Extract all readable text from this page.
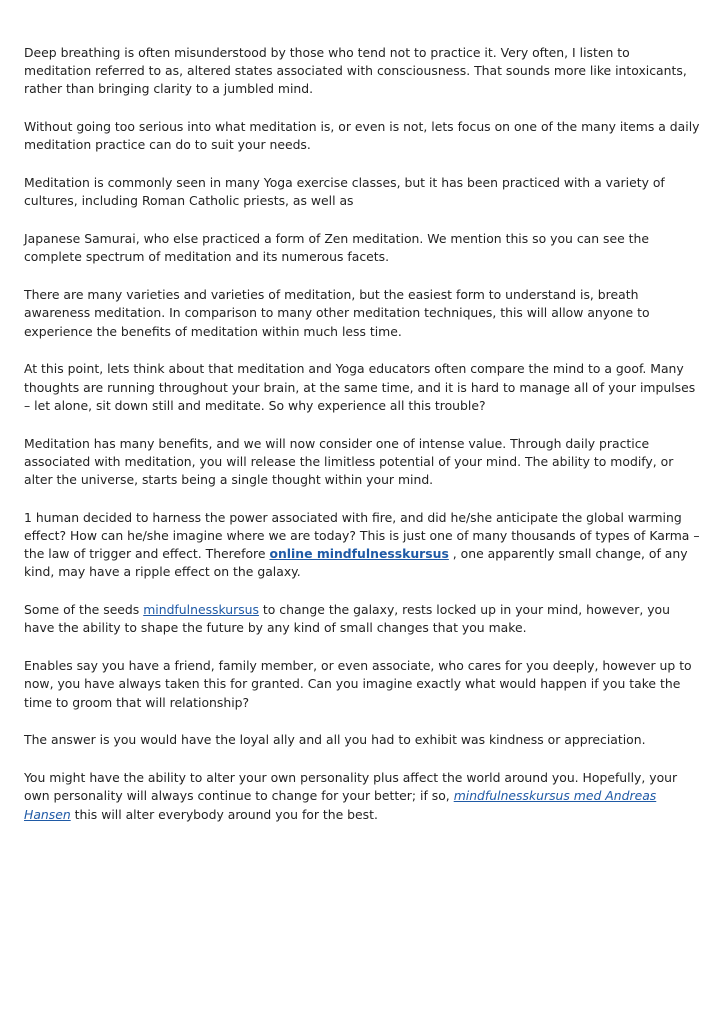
Deep breathing is often misunderstood by those who tend not to practice it. Very often, I listen to meditation referred to as, altered states associated with consciousness. That sounds more like intoxicants, rather than bringing clarity to a jumbled mind.

Without going too serious into what meditation is, or even is not, lets focus on one of the many items a daily meditation practice can do to suit your needs.

Meditation is commonly seen in many Yoga exercise classes, but it has been practiced with a variety of cultures, including Roman Catholic priests, as well as

Japanese Samurai, who else practiced a form of Zen meditation. We mention this so you can see the complete spectrum of meditation and its numerous facets.

There are many varieties and varieties of meditation, but the easiest form to understand is, breath awareness meditation. In comparison to many other meditation techniques, this will allow anyone to experience the benefits of meditation within much less time.

At this point, lets think about that meditation and Yoga educators often compare the mind to a goof. Many thoughts are running throughout your brain, at the same time, and it is hard to manage all of your impulses – let alone, sit down still and meditate. So why experience all this trouble?

Meditation has many benefits, and we will now consider one of intense value. Through daily practice associated with meditation, you will release the limitless potential of your mind. The ability to modify, or alter the universe, starts being a single thought within your mind.

1 human decided to harness the power associated with fire, and did he/she anticipate the global warming effect? How can he/she imagine where we are today? This is just one of many thousands of types of Karma – the law of trigger and effect. Therefore online mindfulnesskursus , one apparently small change, of any kind, may have a ripple effect on the galaxy.

Some of the seeds mindfulnesskursus to change the galaxy, rests locked up in your mind, however, you have the ability to shape the future by any kind of small changes that you make.

Enables say you have a friend, family member, or even associate, who cares for you deeply, however up to now, you have always taken this for granted. Can you imagine exactly what would happen if you take the time to groom that will relationship?

The answer is you would have the loyal ally and all you had to exhibit was kindness or appreciation.

You might have the ability to alter your own personality plus affect the world around you. Hopefully, your own personality will always continue to change for your better; if so, mindfulnesskursus med Andreas Hansen this will alter everybody around you for the best.
